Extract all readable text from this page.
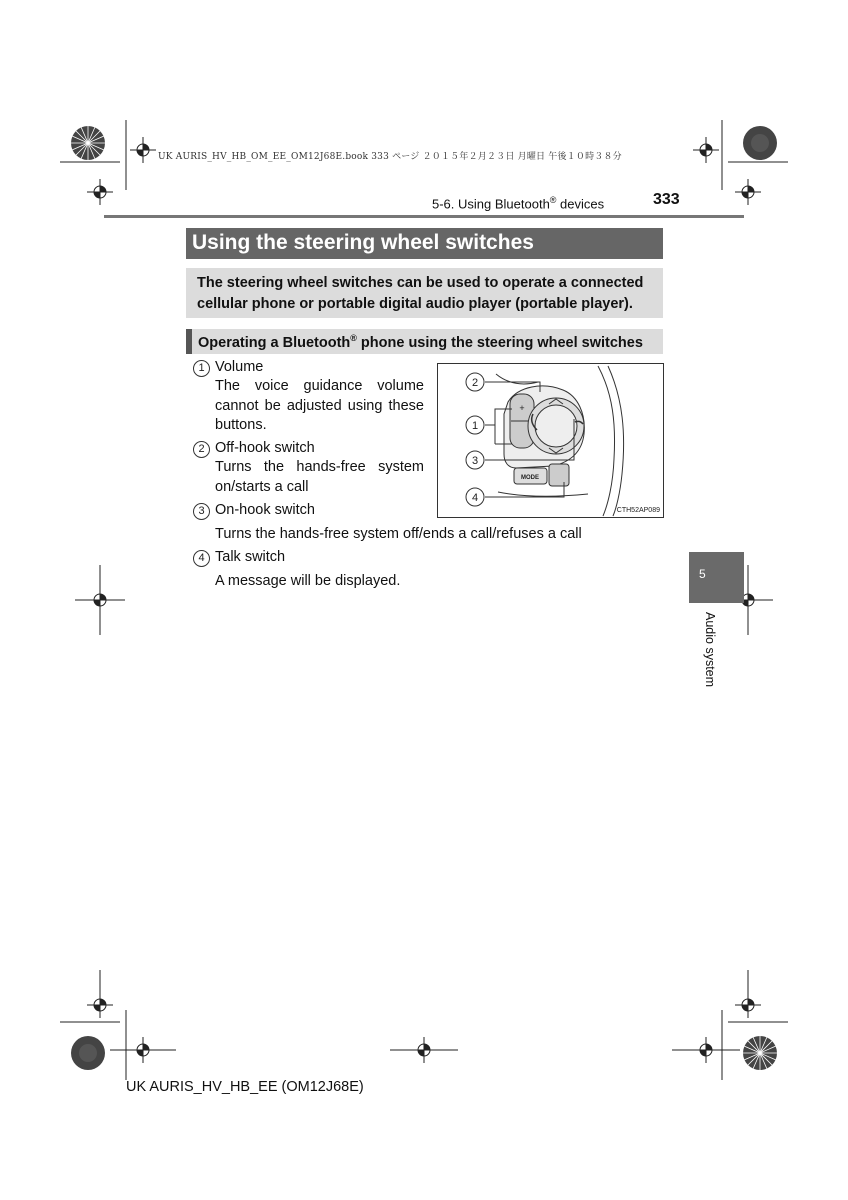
UK AURIS_HV_HB_OM_EE_OM12J68E.book 333 ページ ２０１５年２月２３日 月曜日 午後１０時３８分
5-6. Using Bluetooth® devices	333
Using the steering wheel switches
The steering wheel switches can be used to operate a connected cellular phone or portable digital audio player (portable player).
Operating a Bluetooth® phone using the steering wheel switches
1 Volume
The voice guidance volume cannot be adjusted using these buttons.
2 Off-hook switch
Turns the hands-free system on/starts a call
3 On-hook switch
Turns the hands-free system off/ends a call/refuses a call
4 Talk switch
A message will be displayed.
2
1
3
4
+
MODE
CTH52AP089
5
Audio system
UK AURIS_HV_HB_EE (OM12J68E)
